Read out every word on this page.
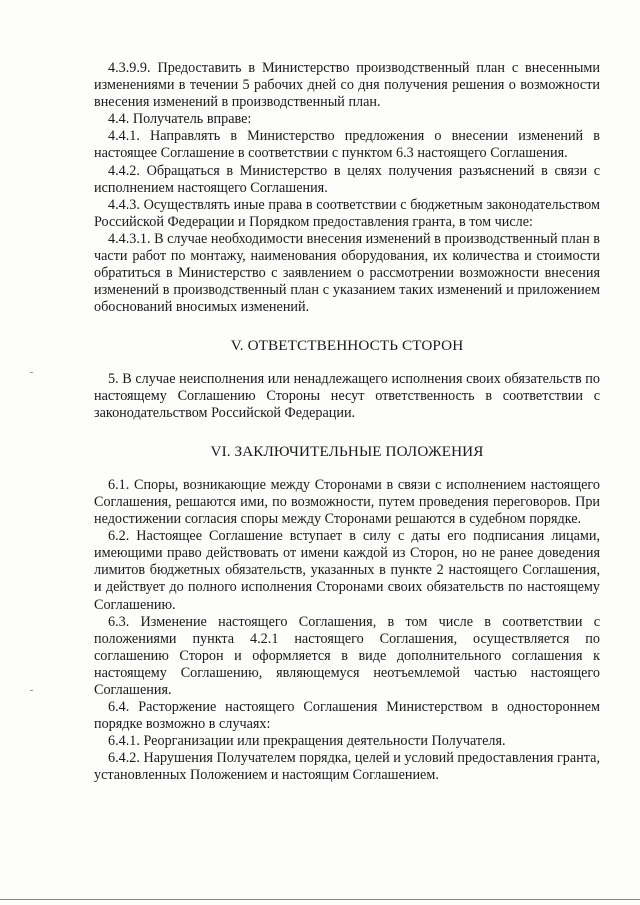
4.3.9.9. Предоставить в Министерство производственный план с внесенными изменениями в течении 5 рабочих дней со дня получения решения о возможности внесения изменений в производственный план.

4.4. Получатель вправе:

4.4.1. Направлять в Министерство предложения о внесении изменений в настоящее Соглашение в соответствии с пунктом 6.3 настоящего Соглашения.

4.4.2. Обращаться в Министерство в целях получения разъяснений в связи с исполнением настоящего Соглашения.

4.4.3. Осуществлять иные права в соответствии с бюджетным законодательством Российской Федерации и Порядком предоставления гранта, в том числе:

4.4.3.1. В случае необходимости внесения изменений в производственный план в части работ по монтажу, наименования оборудования, их количества и стоимости обратиться в Министерство с заявлением о рассмотрении возможности внесения изменений в производственный план с указанием таких изменений и приложением обоснований вносимых изменений.

V. ОТВЕТСТВЕННОСТЬ СТОРОН

5. В случае неисполнения или ненадлежащего исполнения своих обязательств по настоящему Соглашению Стороны несут ответственность в соответствии с законодательством Российской Федерации.

VI. ЗАКЛЮЧИТЕЛЬНЫЕ ПОЛОЖЕНИЯ

6.1. Споры, возникающие между Сторонами в связи с исполнением настоящего Соглашения, решаются ими, по возможности, путем проведения переговоров. При недостижении согласия споры между Сторонами решаются в судебном порядке.

6.2. Настоящее Соглашение вступает в силу с даты его подписания лицами, имеющими право действовать от имени каждой из Сторон, но не ранее доведения лимитов бюджетных обязательств, указанных в пункте 2 настоящего Соглашения, и действует до полного исполнения Сторонами своих обязательств по настоящему Соглашению.

6.3. Изменение настоящего Соглашения, в том числе в соответствии с положениями пункта 4.2.1 настоящего Соглашения, осуществляется по соглашению Сторон и оформляется в виде дополнительного соглашения к настоящему Соглашению, являющемуся неотъемлемой частью настоящего Соглашения.

6.4. Расторжение настоящего Соглашения Министерством в одностороннем порядке возможно в случаях:

6.4.1. Реорганизации или прекращения деятельности Получателя.

6.4.2. Нарушения Получателем порядка, целей и условий предоставления гранта, установленных Положением и настоящим Соглашением.
